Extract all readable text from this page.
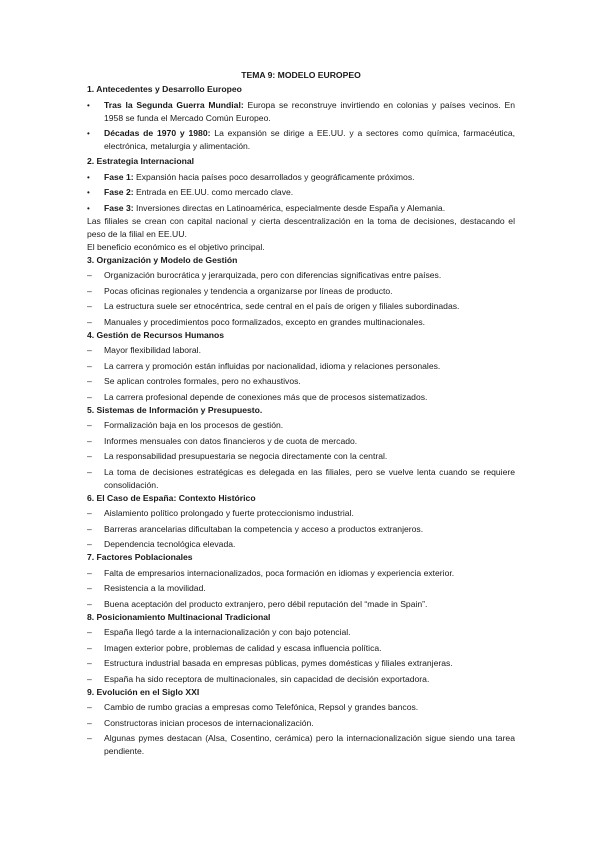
TEMA 9: MODELO EUROPEO
1. Antecedentes y Desarrollo Europeo
•	Tras la Segunda Guerra Mundial: Europa se reconstruye invirtiendo en colonias y países vecinos. En 1958 se funda el Mercado Común Europeo.
•	Décadas de 1970 y 1980: La expansión se dirige a EE.UU. y a sectores como química, farmacéutica, electrónica, metalurgia y alimentación.
2. Estrategia Internacional
•	Fase 1: Expansión hacia países poco desarrollados y geográficamente próximos.
•	Fase 2: Entrada en EE.UU. como mercado clave.
•	Fase 3: Inversiones directas en Latinoamérica, especialmente desde España y Alemania.
Las filiales se crean con capital nacional y cierta descentralización en la toma de decisiones, destacando el peso de la filial en EE.UU.
El beneficio económico es el objetivo principal.
3. Organización y Modelo de Gestión
–	Organización burocrática y jerarquizada, pero con diferencias significativas entre países.
–	Pocas oficinas regionales y tendencia a organizarse por líneas de producto.
–	La estructura suele ser etnocéntrica, sede central en el país de origen y filiales subordinadas.
–	Manuales y procedimientos poco formalizados, excepto en grandes multinacionales.
4. Gestión de Recursos Humanos
–	Mayor flexibilidad laboral.
–	La carrera y promoción están influidas por nacionalidad, idioma y relaciones personales.
–	Se aplican controles formales, pero no exhaustivos.
–	La carrera profesional depende de conexiones más que de procesos sistematizados.
5. Sistemas de Información y Presupuesto.
–	Formalización baja en los procesos de gestión.
–	Informes mensuales con datos financieros y de cuota de mercado.
–	La responsabilidad presupuestaria se negocia directamente con la central.
–	La toma de decisiones estratégicas es delegada en las filiales, pero se vuelve lenta cuando se requiere consolidación.
6. El Caso de España: Contexto Histórico
–	Aislamiento político prolongado y fuerte proteccionismo industrial.
–	Barreras arancelarias dificultaban la competencia y acceso a productos extranjeros.
–	Dependencia tecnológica elevada.
7. Factores Poblacionales
–	Falta de empresarios internacionalizados, poca formación en idiomas y experiencia exterior.
–	Resistencia a la movilidad.
–	Buena aceptación del producto extranjero, pero débil reputación del “made in Spain”.
8. Posicionamiento Multinacional Tradicional
–	España llegó tarde a la internacionalización y con bajo potencial.
–	Imagen exterior pobre, problemas de calidad y escasa influencia política.
–	Estructura industrial basada en empresas públicas, pymes domésticas y filiales extranjeras.
–	España ha sido receptora de multinacionales, sin capacidad de decisión exportadora.
9. Evolución en el Siglo XXI
–	Cambio de rumbo gracias a empresas como Telefónica, Repsol y grandes bancos.
–	Constructoras inician procesos de internacionalización.
–	Algunas pymes destacan (Alsa, Cosentino, cerámica) pero la internacionalización sigue siendo una tarea pendiente.
